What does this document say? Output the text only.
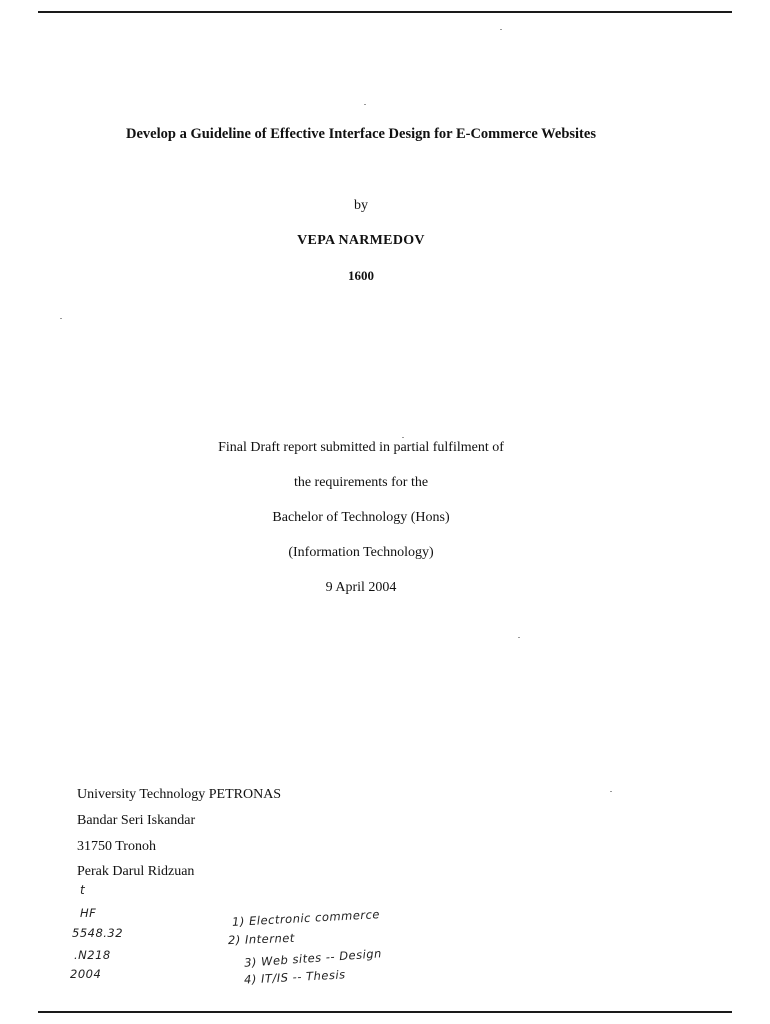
Develop a Guideline of Effective Interface Design for E-Commerce Websites
by
VEPA NARMEDOV
1600
Final Draft report submitted in partial fulfilment of
the requirements for the
Bachelor of Technology (Hons)
(Information Technology)
9 April 2004
University Technology PETRONAS
Bandar Seri Iskandar
31750 Tronoh
Perak Darul Ridzuan
t
HF
5548.32
.N218
2004
1) Electronic commerce
2) Internet
3) Web sites -- Design
4) IT/IS -- Thesis
